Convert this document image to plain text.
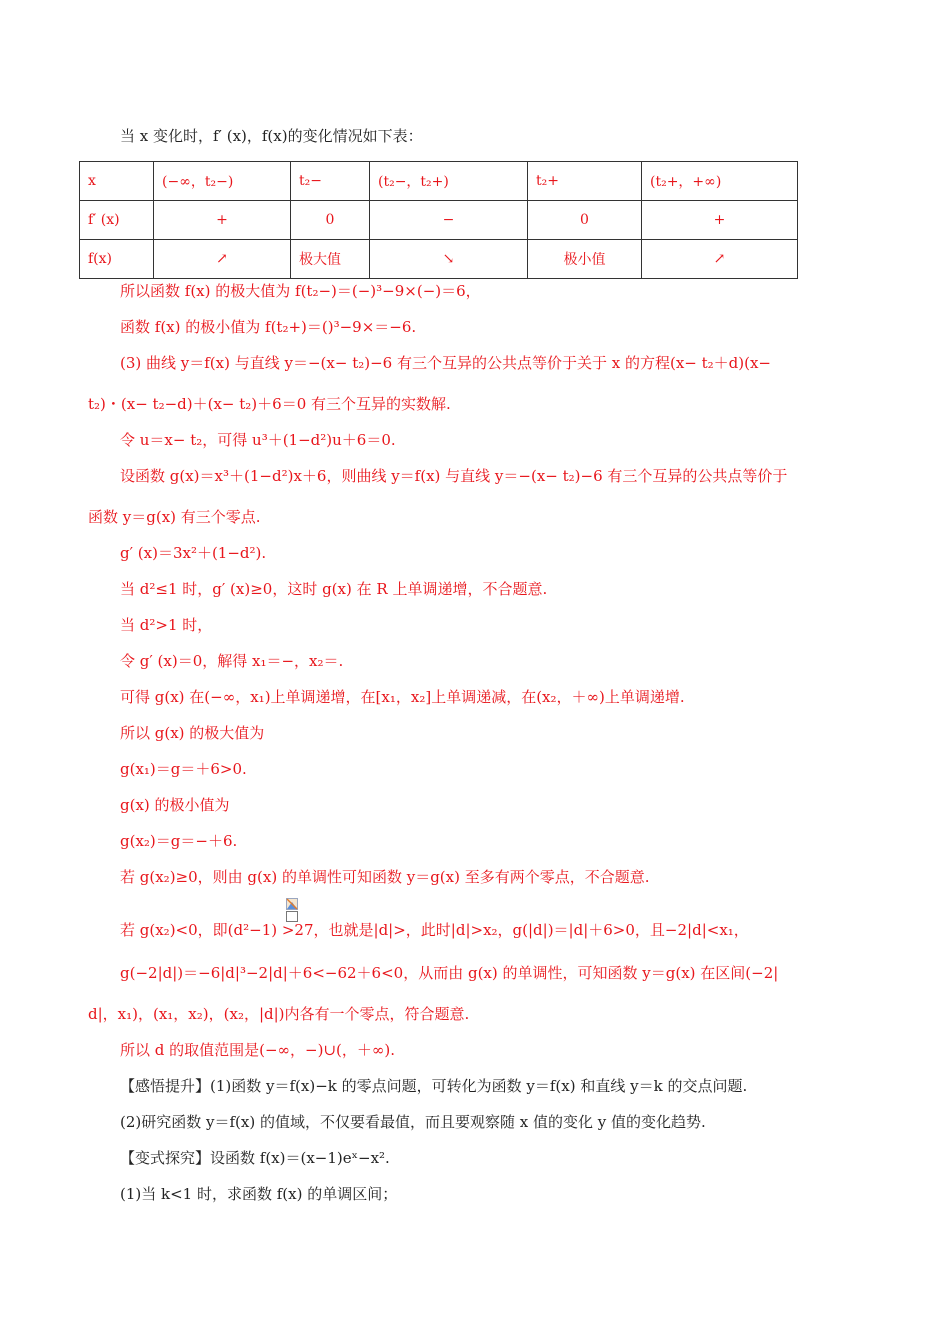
当 x 变化时，f′ (x)，f(x)的变化情况如下表：
x	(−∞，t₂−)	t₂−	(t₂−，t₂+)	t₂+	(t₂+，+∞)
f′ (x)	+	0	−	0	+
f(x)	↗	极大值	↘	极小值	↗
所以函数 f(x) 的极大值为 f(t₂−)＝(−)³−9×(−)＝6，
函数 f(x) 的极小值为 f(t₂+)＝()³−9×＝−6.
(3) 曲线 y＝f(x) 与直线 y＝−(x− t₂)−6 有三个互异的公共点等价于关于 x 的方程(x− t₂＋d)(x−
t₂)・(x− t₂−d)＋(x− t₂)＋6＝0 有三个互异的实数解.
令 u＝x− t₂，可得 u³＋(1−d²)u＋6＝0.
设函数 g(x)＝x³＋(1−d²)x＋6，则曲线 y＝f(x) 与直线 y＝−(x− t₂)−6 有三个互异的公共点等价于
函数 y＝g(x) 有三个零点.
g′ (x)＝3x²＋(1−d²).
当 d²≤1 时，g′ (x)≥0，这时 g(x) 在 R 上单调递增，不合题意.
当 d²>1 时，
令 g′ (x)＝0，解得 x₁＝−，x₂＝.
可得 g(x) 在(−∞，x₁)上单调递增，在[x₁，x₂]上单调递减，在(x₂，＋∞)上单调递增.
所以 g(x) 的极大值为
g(x₁)＝g＝＋6>0.
g(x) 的极小值为
g(x₂)＝g＝−＋6.
若 g(x₂)≥0，则由 g(x) 的单调性可知函数 y＝g(x) 至多有两个零点，不合题意.
若 g(x₂)<0，即(d²−1) >27，也就是|d|>，此时|d|>x₂，g(|d|)＝|d|＋6>0，且−2|d|<x₁，
g(−2|d|)＝−6|d|³−2|d|＋6<−62＋6<0，从而由 g(x) 的单调性，可知函数 y＝g(x) 在区间(−2|
d|，x₁)，(x₁，x₂)，(x₂，|d|)内各有一个零点，符合题意.
所以 d 的取值范围是(−∞，−)∪(，＋∞).
【感悟提升】(1)函数 y＝f(x)−k 的零点问题，可转化为函数 y＝f(x) 和直线 y＝k 的交点问题.
(2)研究函数 y＝f(x) 的值域，不仅要看最值，而且要观察随 x 值的变化 y 值的变化趋势.
【变式探究】设函数 f(x)＝(x−1)eˣ−x².
(1)当 k<1 时，求函数 f(x) 的单调区间；
